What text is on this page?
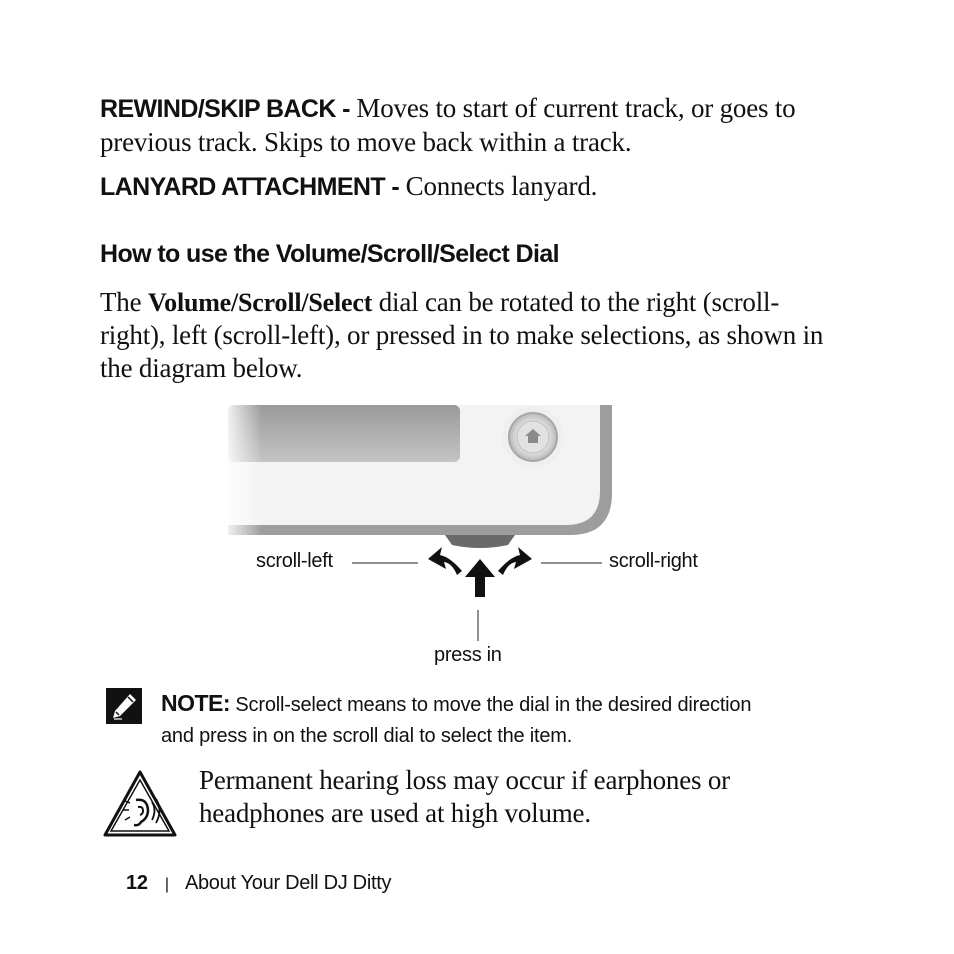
REWIND/SKIP BACK - Moves to start of current track, or goes to
previous track. Skips to move back within a track.
LANYARD ATTACHMENT - Connects lanyard.
How to use the Volume/Scroll/Select Dial
The Volume/Scroll/Select dial can be rotated to the right (scroll-
right), left (scroll-left), or pressed in to make selections, as shown in
the diagram below.
scroll-left	scroll-right
press in
NOTE: Scroll-select means to move the dial in the desired direction
and press in on the scroll dial to select the item.
Permanent hearing loss may occur if earphones or
headphones are used at high volume.
12 | About Your Dell DJ Ditty
